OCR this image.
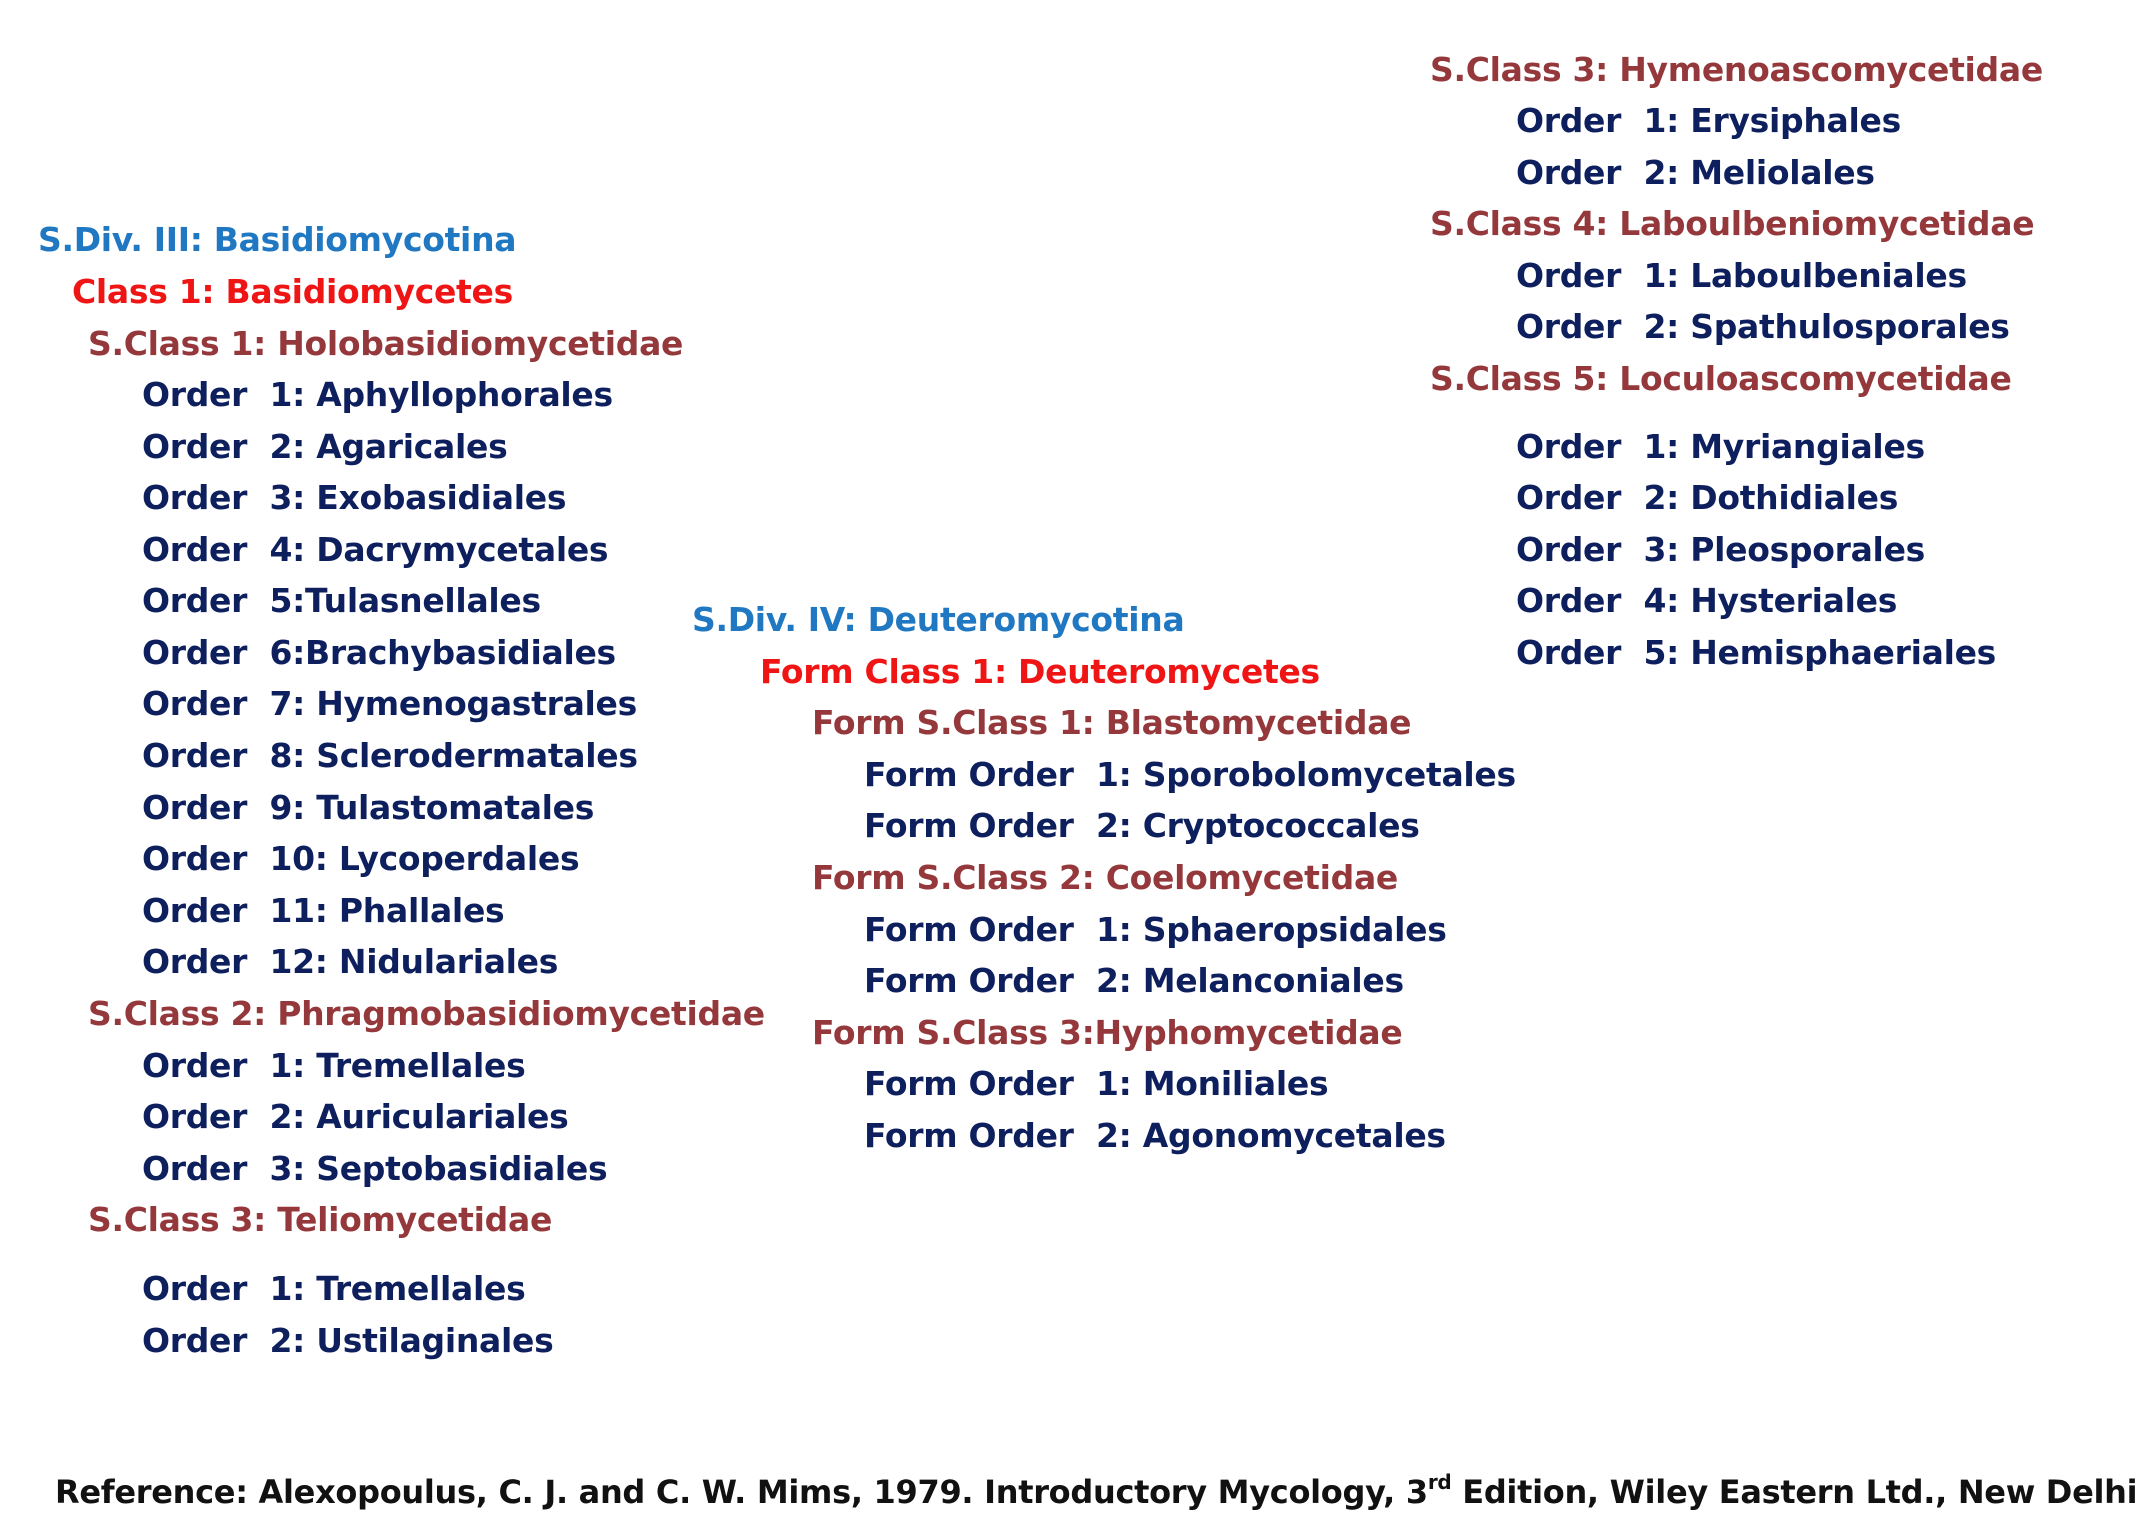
S.Div. III: Basidiomycotina
Class 1: Basidiomycetes
S.Class 1: Holobasidiomycetidae
Order  1: Aphyllophorales
Order  2: Agaricales
Order  3: Exobasidiales
Order  4: Dacrymycetales
Order  5:Tulasnellales
Order  6:Brachybasidiales
Order  7: Hymenogastrales
Order  8: Sclerodermatales
Order  9: Tulastomatales
Order  10: Lycoperdales
Order  11: Phallales
Order  12: Nidulariales
S.Class 2: Phragmobasidiomycetidae
Order  1: Tremellales
Order  2: Auriculariales
Order  3: Septobasidiales
S.Class 3: Teliomycetidae
Order  1: Tremellales
Order  2: Ustilaginales
S.Div. IV: Deuteromycotina
Form Class 1: Deuteromycetes
Form S.Class 1: Blastomycetidae
Form Order  1: Sporobolomycetales
Form Order  2: Cryptococcales
Form S.Class 2: Coelomycetidae
Form Order  1: Sphaeropsidales
Form Order  2: Melanconiales
Form S.Class 3:Hyphomycetidae
Form Order  1: Moniliales
Form Order  2: Agonomycetales
S.Class 3: Hymenoascomycetidae
Order  1: Erysiphales
Order  2: Meliolales
S.Class 4: Laboulbeniomycetidae
Order  1: Laboulbeniales
Order  2: Spathulosporales
S.Class 5: Loculoascomycetidae
Order  1: Myriangiales
Order  2: Dothidiales
Order  3: Pleosporales
Order  4: Hysteriales
Order  5: Hemisphaeriales
Reference: Alexopoulus, C. J. and C. W. Mims, 1979. Introductory Mycology, 3rd Edition, Wiley Eastern Ltd., New Delhi
